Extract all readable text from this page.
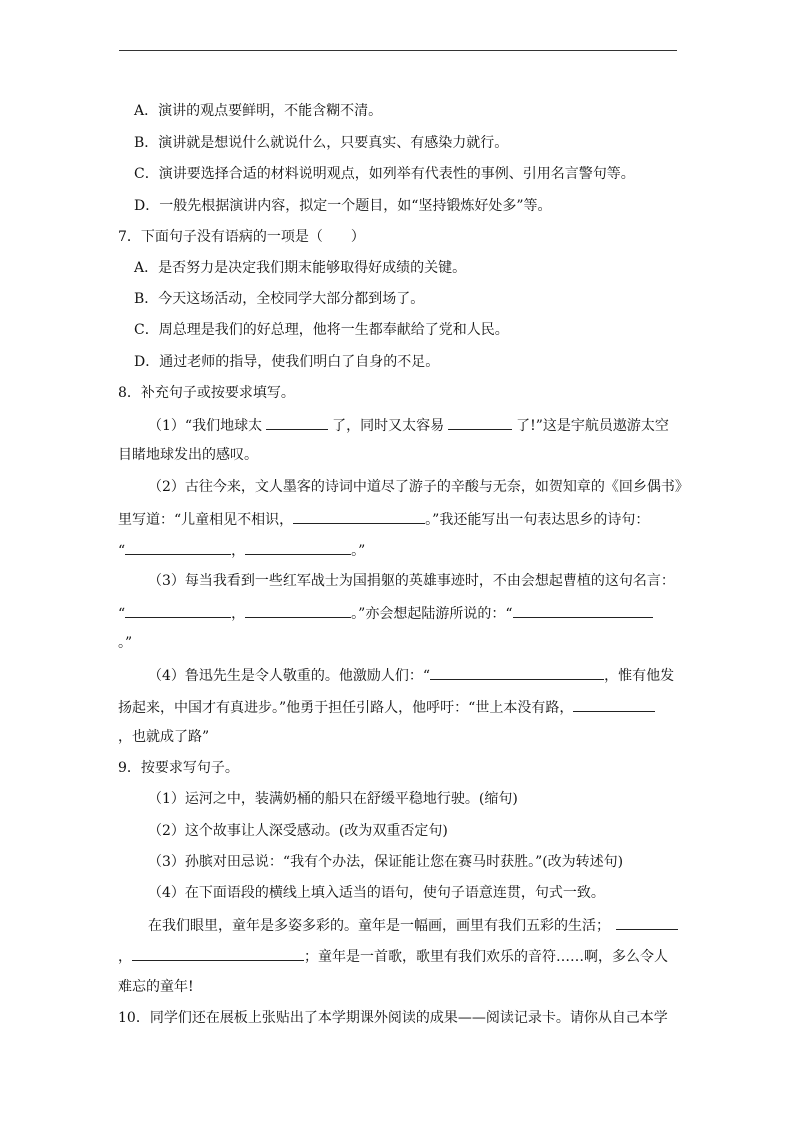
A．演讲的观点要鲜明，不能含糊不清。
B．演讲就是想说什么就说什么，只要真实、有感染力就行。
C．演讲要选择合适的材料说明观点，如列举有代表性的事例、引用名言警句等。
D．一般先根据演讲内容，拟定一个题目，如“坚持锻炼好处多”等。
7．下面句子没有语病的一项是（　　）
A．是否努力是决定我们期末能够取得好成绩的关键。
B．今天这场活动，全校同学大部分都到场了。
C．周总理是我们的好总理，他将一生都奉献给了党和人民。
D．通过老师的指导，使我们明白了自身的不足。
8．补充句子或按要求填写。
（1）“我们地球太	了，同时又太容易	了!”这是宇航员遨游太空
目睹地球发出的感叹。
（2）古往今来，文人墨客的诗词中道尽了游子的辛酸与无奈，如贺知章的《回乡偶书》
里写道：“儿童相见不相识，	。”我还能写出一句表达思乡的诗句：
“	，	。”
（3）每当我看到一些红军战士为国捐躯的英雄事迹时，不由会想起曹植的这句名言：
“	，	。”亦会想起陆游所说的：“
。”
（4）鲁迅先生是令人敬重的。他激励人们：“	，惟有他发
扬起来，中国才有真进步。”他勇于担任引路人，他呼吁：“世上本没有路，
，也就成了路”
9．按要求写句子。
（1）运河之中，装满奶桶的船只在舒缓平稳地行驶。(缩句)
（2）这个故事让人深受感动。(改为双重否定句)
（3）孙膑对田忌说：“我有个办法，保证能让您在赛马时获胜。”(改为转述句)
（4）在下面语段的横线上填入适当的语句，使句子语意连贯，句式一致。
在我们眼里，童年是多姿多彩的。童年是一幅画，画里有我们五彩的生活；
，	；童年是一首歌，歌里有我们欢乐的音符……啊，多么令人
难忘的童年!
10．同学们还在展板上张贴出了本学期课外阅读的成果——阅读记录卡。请你从自己本学
